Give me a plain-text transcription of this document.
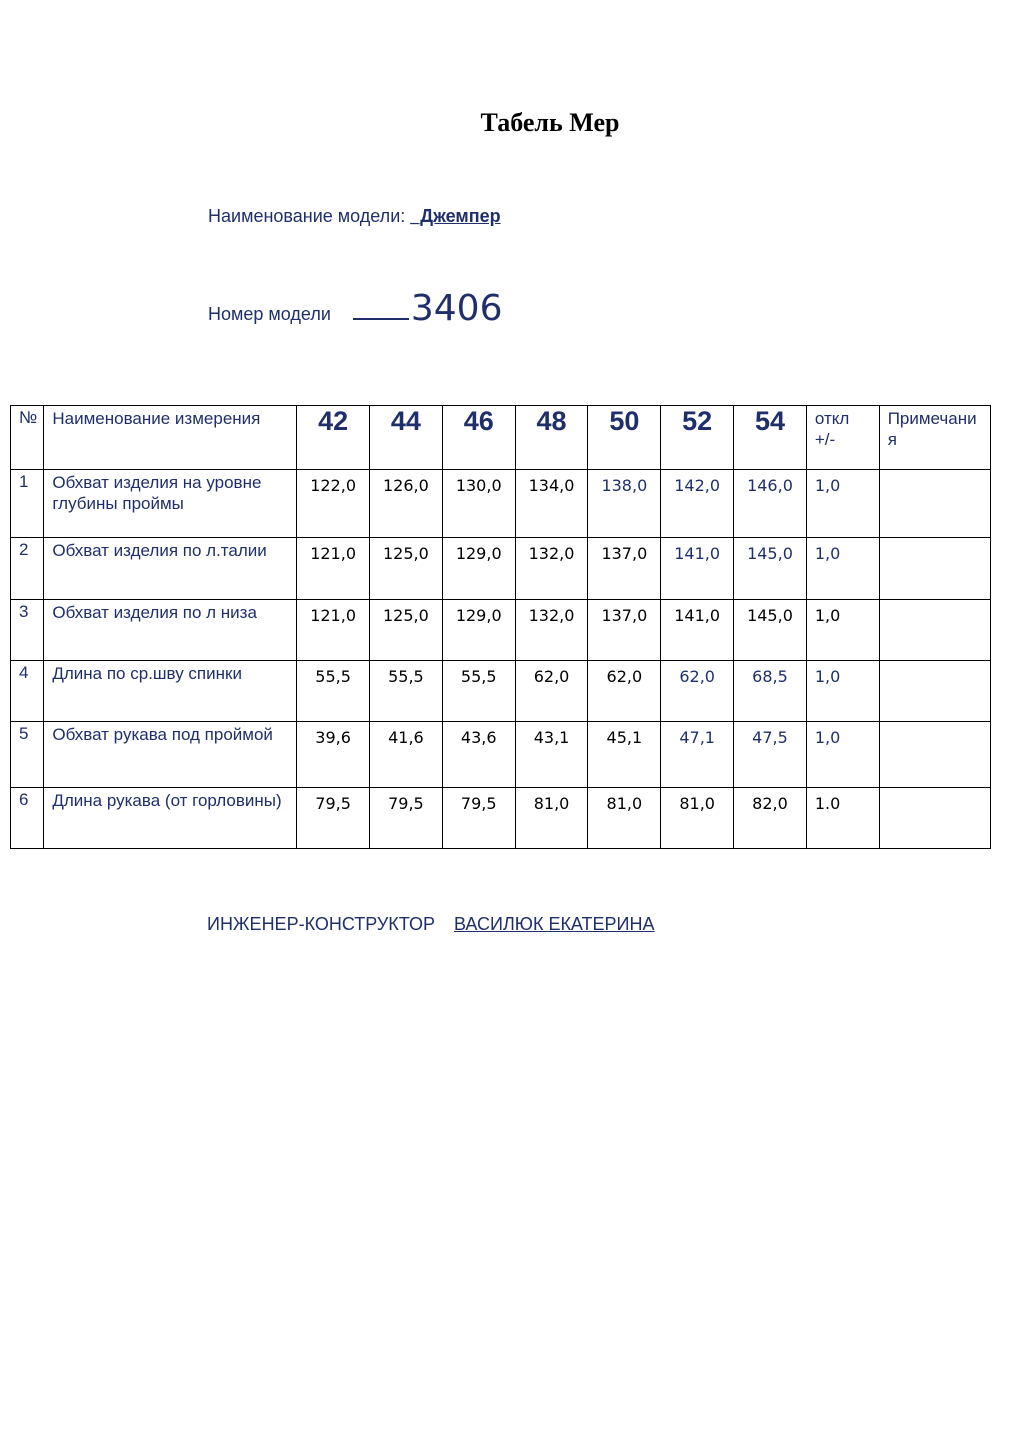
Табель Мер
Наименование модели: _Джемпер
Номер модели 3406
№	Наименование измерения	42	44	46	48	50	52	54	откл +/-	Примечания

1	Обхват изделия на уровне глубины проймы	122,0	126,0	130,0	134,0	138,0	142,0	146,0	1,0	

2	Обхват изделия по л.талии	121,0	125,0	129,0	132,0	137,0	141,0	145,0	1,0	

3	Обхват изделия по л низа	121,0	125,0	129,0	132,0	137,0	141,0	145,0	1,0	

4	Длина по ср.шву спинки	55,5	55,5	55,5	62,0	62,0	62,0	68,5	1,0	

5	Обхват рукава под проймой	39,6	41,6	43,6	43,1	45,1	47,1	47,5	1,0	

6	Длина рукава (от горловины)	79,5	79,5	79,5	81,0	81,0	81,0	82,0	1.0	

ИНЖЕНЕР-КОНСТРУКТОР ВАСИЛЮК ЕКАТЕРИНА
